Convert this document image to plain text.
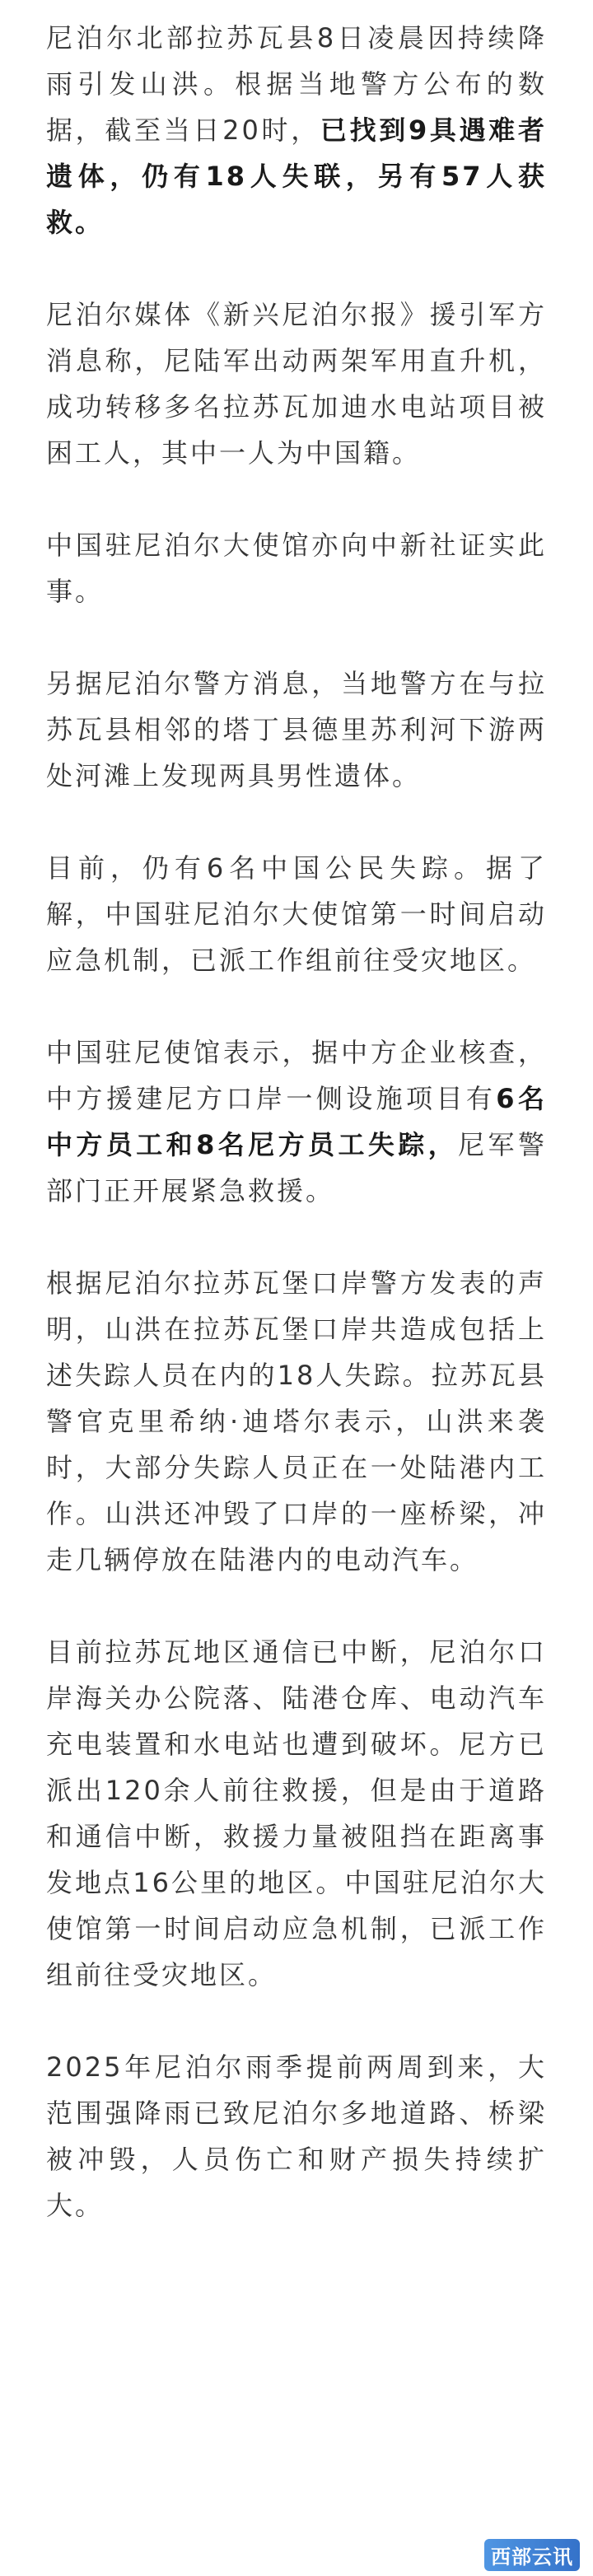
尼泊尔北部拉苏瓦县8日凌晨因持续降雨引发山洪。根据当地警方公布的数据，截至当日20时，已找到9具遇难者遗体，仍有18人失联，另有57人获救。

尼泊尔媒体《新兴尼泊尔报》援引军方消息称，尼陆军出动两架军用直升机，成功转移多名拉苏瓦加迪水电站项目被困工人，其中一人为中国籍。

中国驻尼泊尔大使馆亦向中新社证实此事。

另据尼泊尔警方消息，当地警方在与拉苏瓦县相邻的塔丁县德里苏利河下游两处河滩上发现两具男性遗体。

目前，仍有6名中国公民失踪。据了解，中国驻尼泊尔大使馆第一时间启动应急机制，已派工作组前往受灾地区。

中国驻尼使馆表示，据中方企业核查，中方援建尼方口岸一侧设施项目有6名中方员工和8名尼方员工失踪，尼军警部门正开展紧急救援。

根据尼泊尔拉苏瓦堡口岸警方发表的声明，山洪在拉苏瓦堡口岸共造成包括上述失踪人员在内的18人失踪。拉苏瓦县警官克里希纳·迪塔尔表示，山洪来袭时，大部分失踪人员正在一处陆港内工作。山洪还冲毁了口岸的一座桥梁，冲走几辆停放在陆港内的电动汽车。

目前拉苏瓦地区通信已中断，尼泊尔口岸海关办公院落、陆港仓库、电动汽车充电装置和水电站也遭到破坏。尼方已派出120余人前往救援，但是由于道路和通信中断，救援力量被阻挡在距离事发地点16公里的地区。中国驻尼泊尔大使馆第一时间启动应急机制，已派工作组前往受灾地区。

2025年尼泊尔雨季提前两周到来，大范围强降雨已致尼泊尔多地道路、桥梁被冲毁，人员伤亡和财产损失持续扩大。

西部云讯
